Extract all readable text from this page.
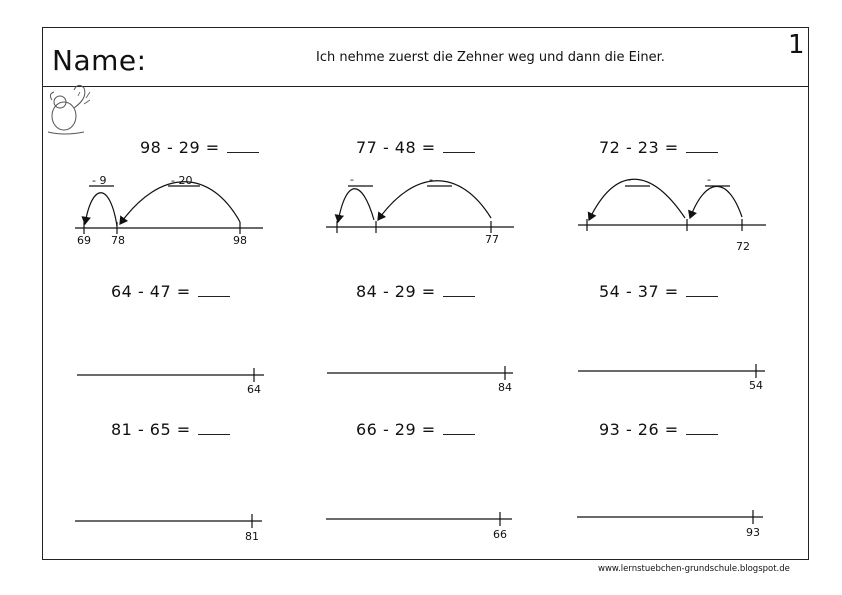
Name:	Ich nehme zuerst die Zehner weg und dann die Einer.	1
98 - 29 =	77 - 48 =	72 - 23 =
64 - 47 =	84 - 29 =	54 - 37 =
81 - 65 =	66 - 29 =	93 - 26 =
- 9	- 20
69 78	98
-	-
77
-	-
72
64	84	54
81	66	93
www.lernstuebchen-grundschule.blogspot.de
